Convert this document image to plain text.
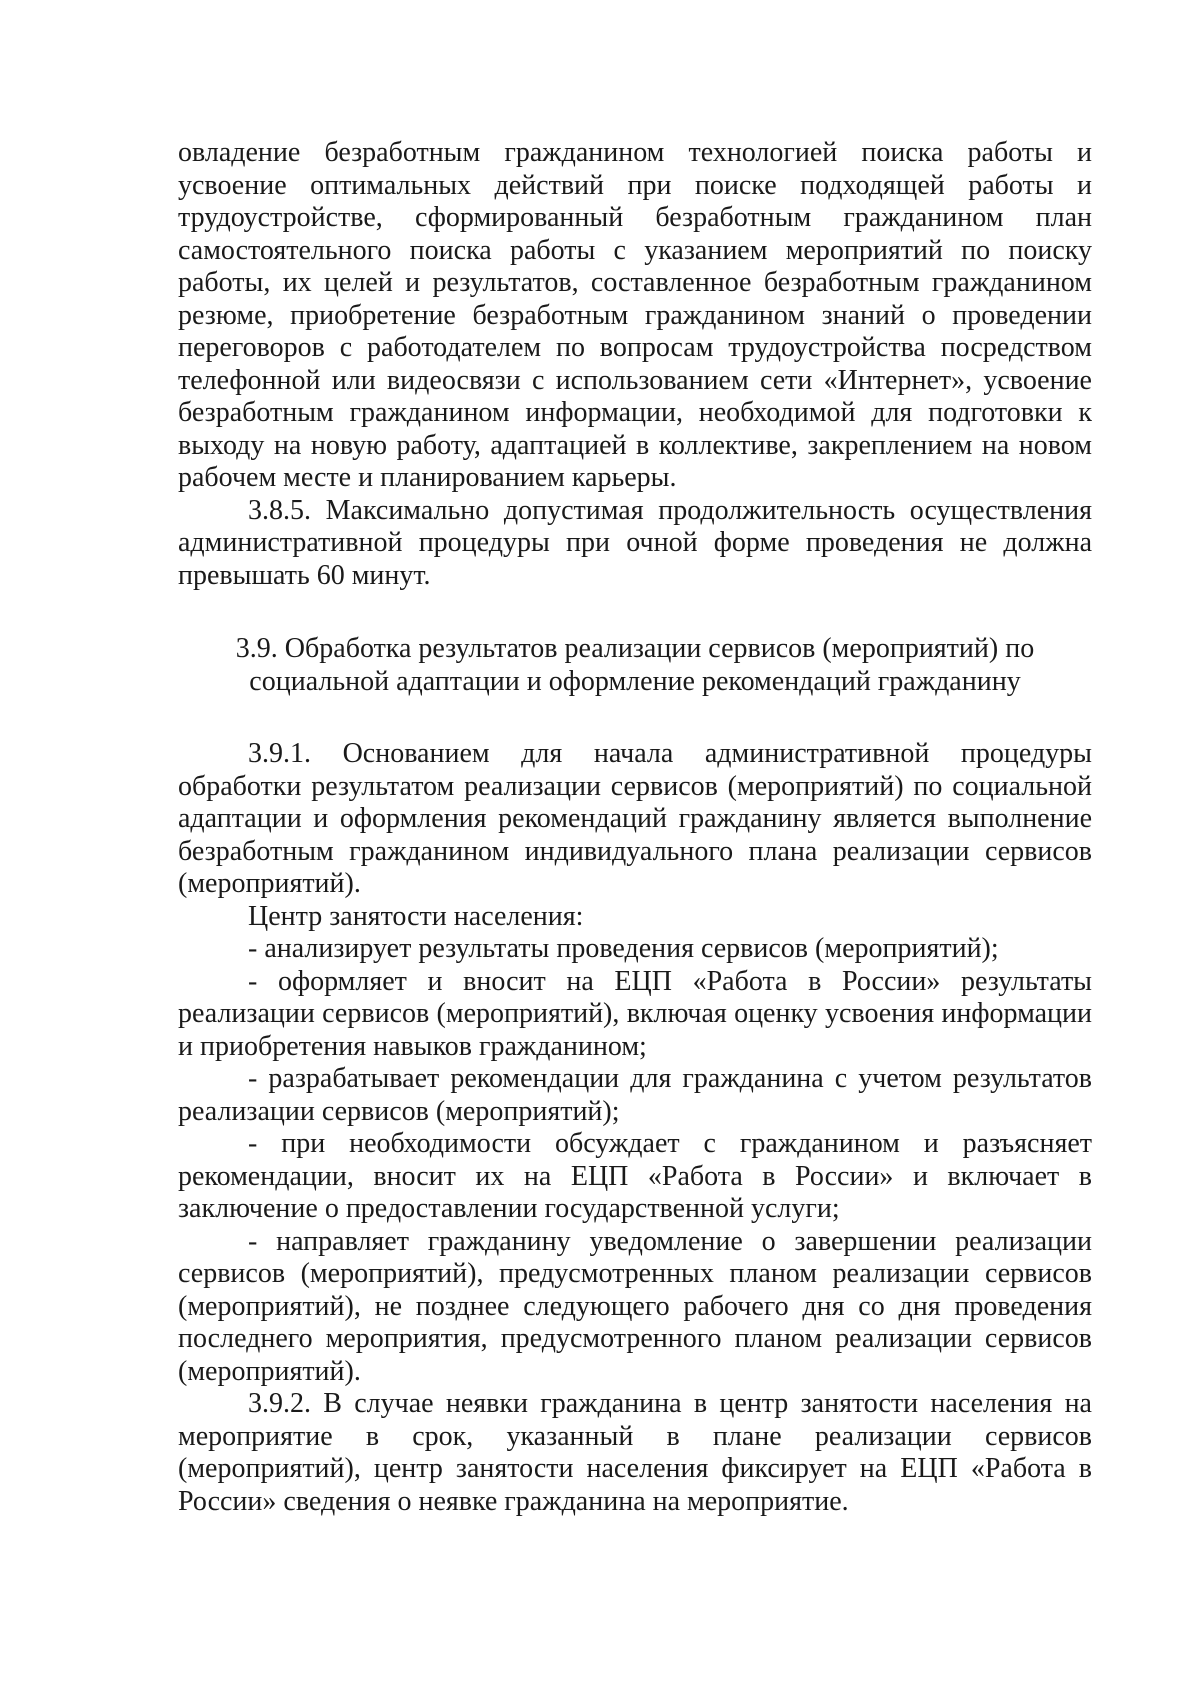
овладение безработным гражданином технологией поиска работы и усвоение оптимальных действий при поиске подходящей работы и трудоустройстве, сформированный безработным гражданином план самостоятельного поиска работы с указанием мероприятий по поиску работы, их целей и результатов, составленное безработным гражданином резюме, приобретение безработным гражданином знаний о проведении переговоров с работодателем по вопросам трудоустройства посредством телефонной или видеосвязи с использованием сети «Интернет», усвоение безработным гражданином информации, необходимой для подготовки к выходу на новую работу, адаптацией в коллективе, закреплением на новом рабочем месте и планированием карьеры.

3.8.5. Максимально допустимая продолжительность осуществления административной процедуры при очной форме проведения не должна превышать 60 минут.

3.9. Обработка результатов реализации сервисов (мероприятий) по социальной адаптации и оформление рекомендаций гражданину

3.9.1. Основанием для начала административной процедуры обработки результатом реализации сервисов (мероприятий) по социальной адаптации и оформления рекомендаций гражданину является выполнение безработным гражданином индивидуального плана реализации сервисов (мероприятий).

Центр занятости населения:

- анализирует результаты проведения сервисов (мероприятий);

- оформляет и вносит на ЕЦП «Работа в России» результаты реализации сервисов (мероприятий), включая оценку усвоения информации и приобретения навыков гражданином;

- разрабатывает рекомендации для гражданина с учетом результатов реализации сервисов (мероприятий);

- при необходимости обсуждает с гражданином и разъясняет рекомендации, вносит их на ЕЦП «Работа в России» и включает в заключение о предоставлении государственной услуги;

- направляет гражданину уведомление о завершении реализации сервисов (мероприятий), предусмотренных планом реализации сервисов (мероприятий), не позднее следующего рабочего дня со дня проведения последнего мероприятия, предусмотренного планом реализации сервисов (мероприятий).

3.9.2. В случае неявки гражданина в центр занятости населения на мероприятие в срок, указанный в плане реализации сервисов (мероприятий), центр занятости населения фиксирует на ЕЦП «Работа в России» сведения о неявке гражданина на мероприятие.
